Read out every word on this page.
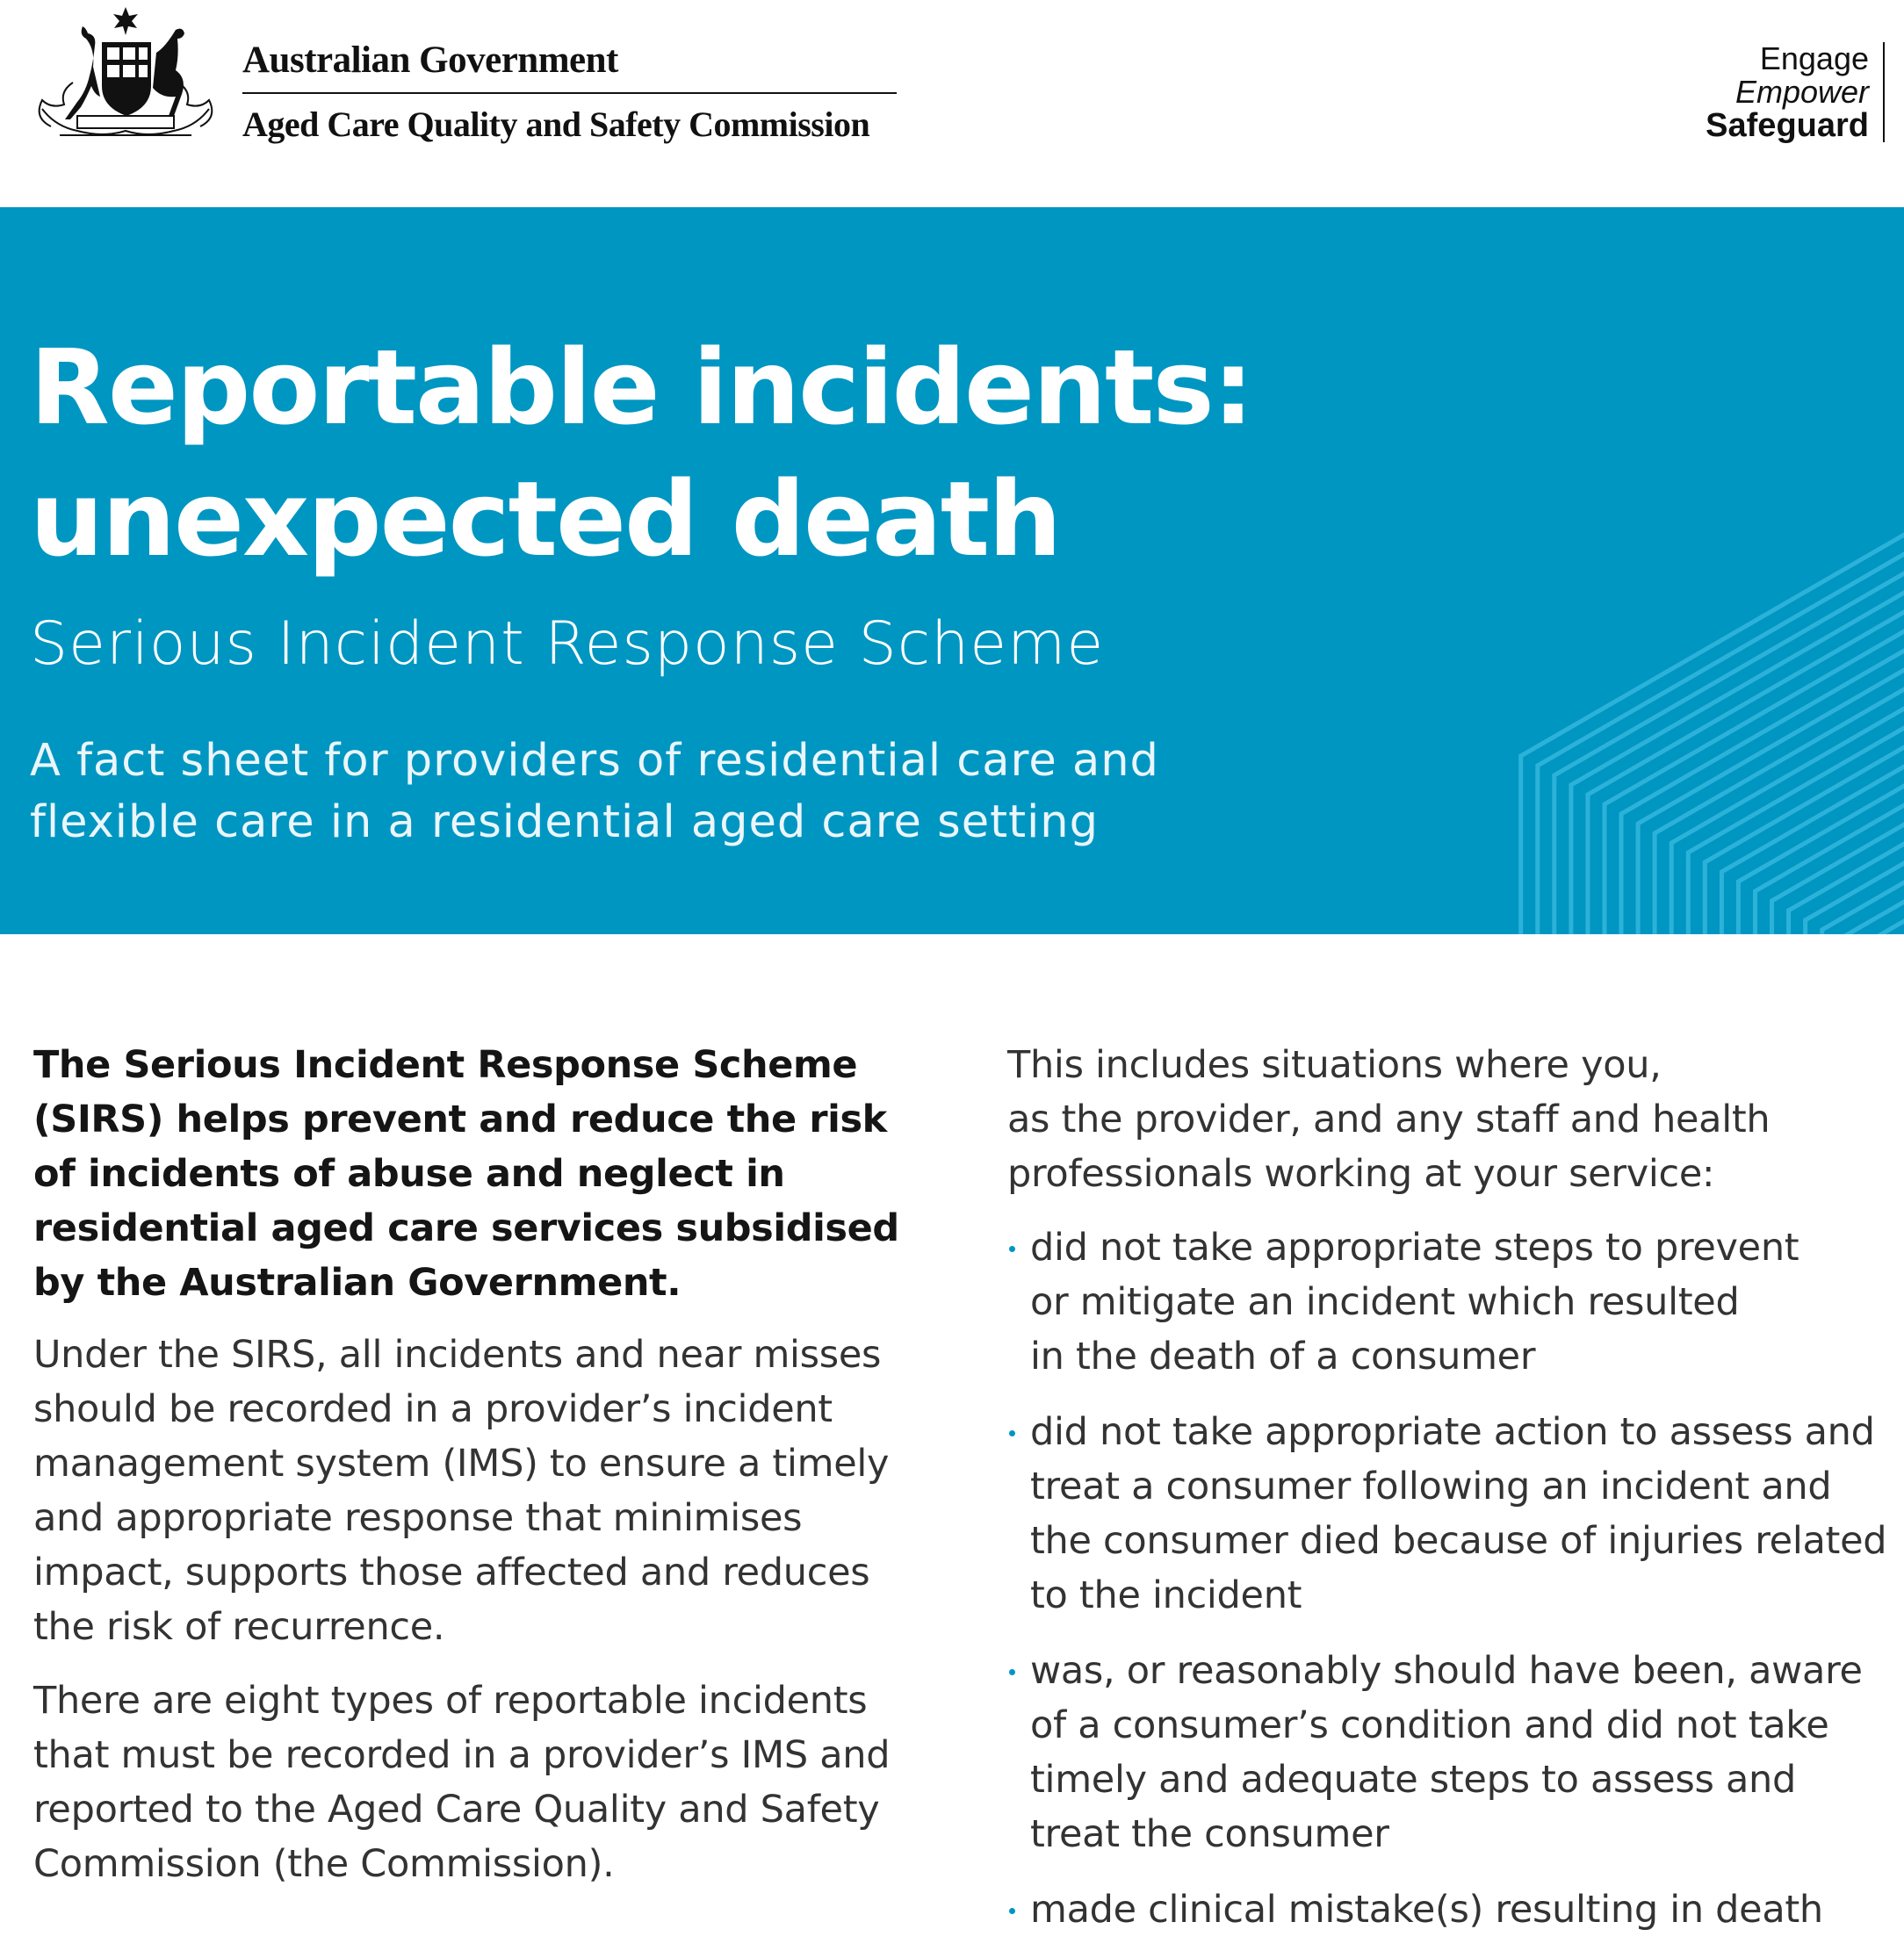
Australian Government
Aged Care Quality and Safety Commission
Engage
Empower
Safeguard
Reportable incidents:
unexpected death
Serious Incident Response Scheme
A fact sheet for providers of residential care and
flexible care in a residential aged care setting

The Serious Incident Response Scheme
(SIRS) helps prevent and reduce the risk
of incidents of abuse and neglect in
residential aged care services subsidised
by the Australian Government.

Under the SIRS, all incidents and near misses
should be recorded in a provider’s incident
management system (IMS) to ensure a timely
and appropriate response that minimises
impact, supports those affected and reduces
the risk of recurrence.

There are eight types of reportable incidents
that must be recorded in a provider’s IMS and
reported to the Aged Care Quality and Safety
Commission (the Commission).

This includes situations where you,
as the provider, and any staff and health
professionals working at your service:

did not take appropriate steps to prevent
or mitigate an incident which resulted
in the death of a consumer
did not take appropriate action to assess and
treat a consumer following an incident and
the consumer died because of injuries related
to the incident
was, or reasonably should have been, aware
of a consumer’s condition and did not take
timely and adequate steps to assess and
treat the consumer
made clinical mistake(s) resulting in death
